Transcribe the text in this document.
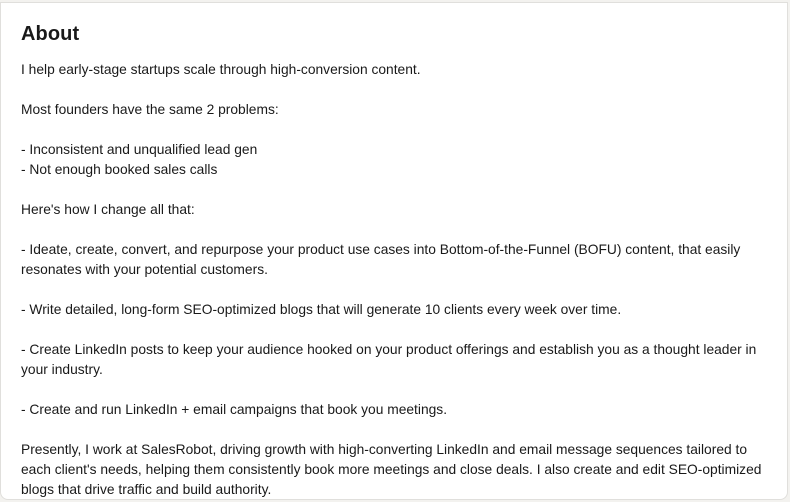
About

I help early-stage startups scale through high-conversion content.

Most founders have the same 2 problems:

- Inconsistent and unqualified lead gen

- Not enough booked sales calls

Here's how I change all that:

- Ideate, create, convert, and repurpose your product use cases into Bottom-of-the-Funnel (BOFU) content, that easily resonates with your potential customers.

- Write detailed, long-form SEO-optimized blogs that will generate 10 clients every week over time.

- Create LinkedIn posts to keep your audience hooked on your product offerings and establish you as a thought leader in your industry.

- Create and run LinkedIn + email campaigns that book you meetings.

Presently, I work at SalesRobot, driving growth with high-converting LinkedIn and email message sequences tailored to each client's needs, helping them consistently book more meetings and close deals. I also create and edit SEO-optimized blogs that drive traffic and build authority.
